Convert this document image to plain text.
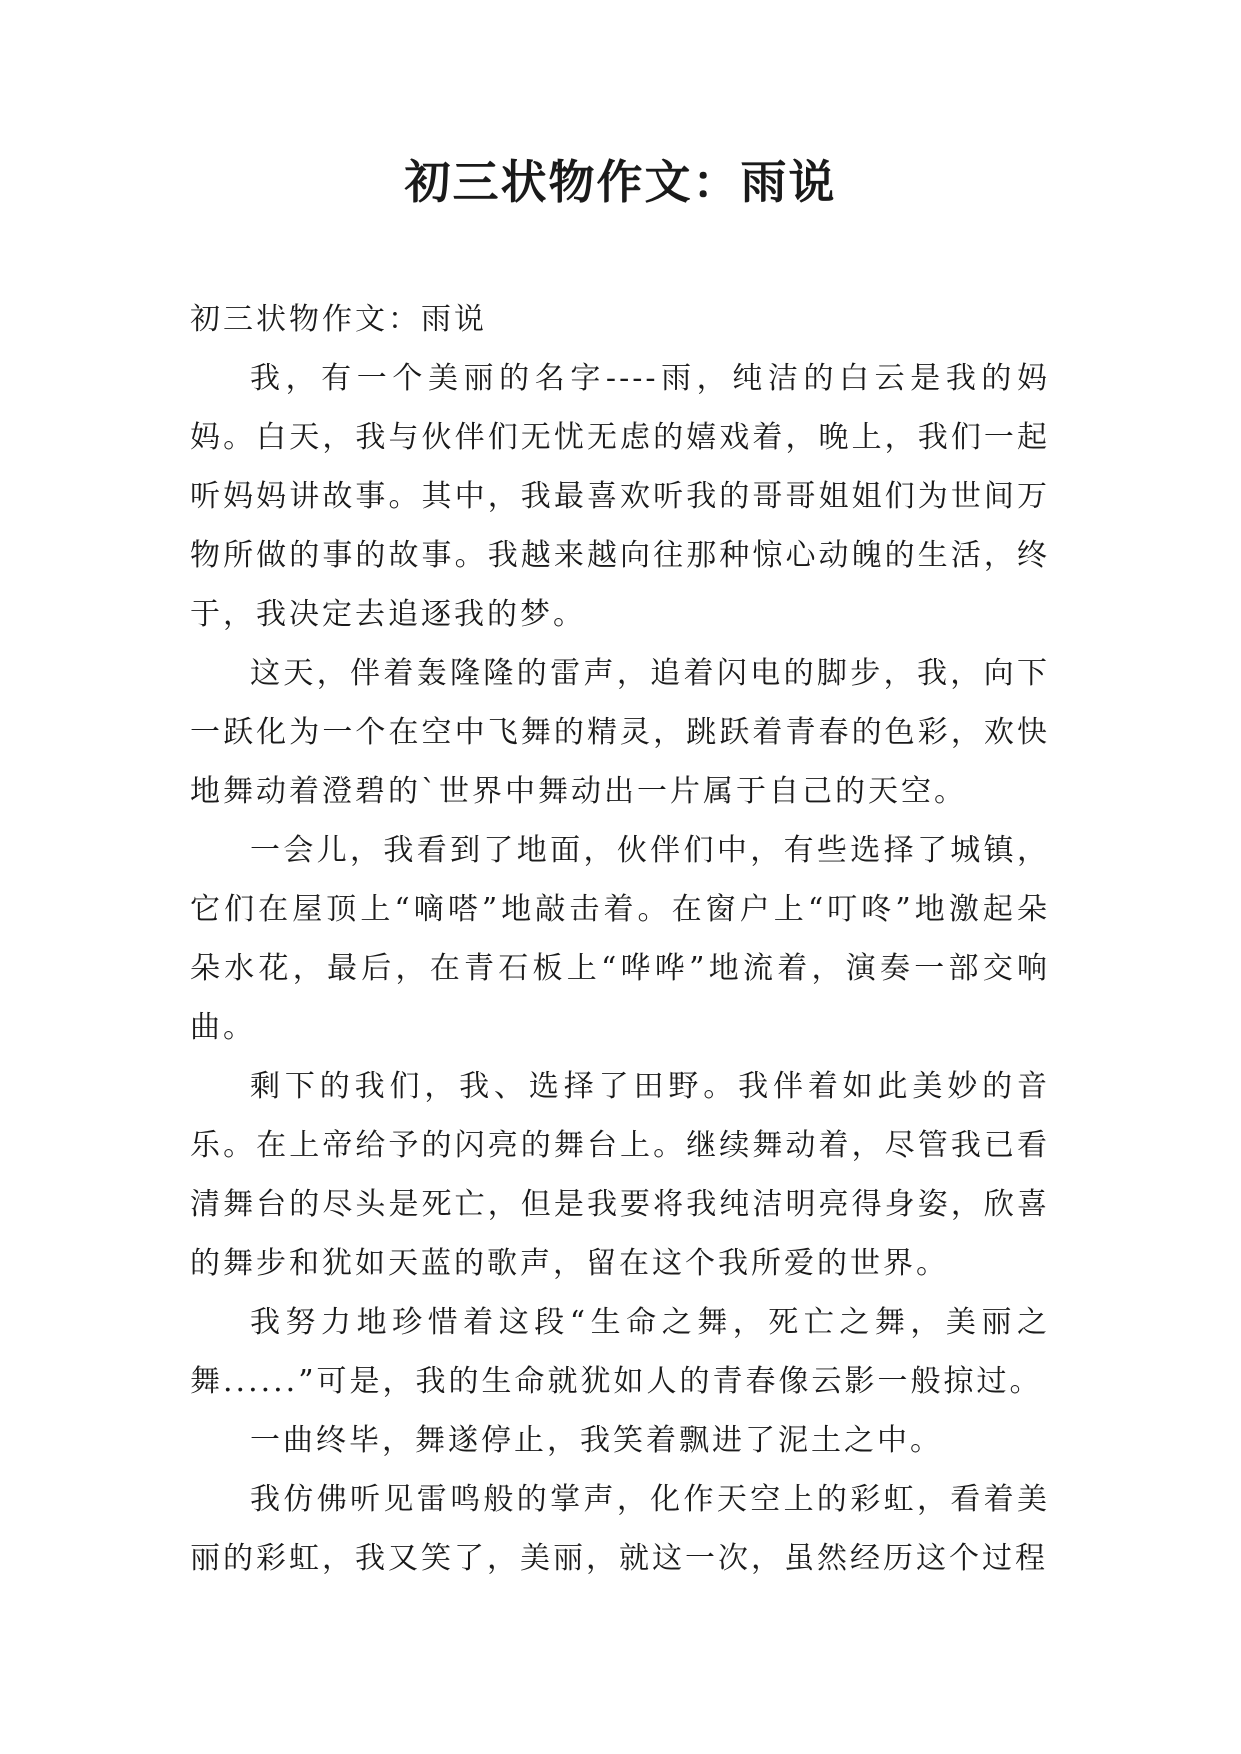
初三状物作文：雨说

初三状物作文：雨说

我，有一个美丽的名字----雨，纯洁的白云是我的妈妈。白天，我与伙伴们无忧无虑的嬉戏着，晚上，我们一起听妈妈讲故事。其中，我最喜欢听我的哥哥姐姐们为世间万物所做的事的故事。我越来越向往那种惊心动魄的生活，终于，我决定去追逐我的梦。

这天，伴着轰隆隆的雷声，追着闪电的脚步，我，向下一跃化为一个在空中飞舞的精灵，跳跃着青春的色彩，欢快地舞动着澄碧的`世界中舞动出一片属于自己的天空。

一会儿，我看到了地面，伙伴们中，有些选择了城镇，它们在屋顶上“嘀嗒”地敲击着。在窗户上“叮咚”地激起朵朵水花，最后，在青石板上“哗哗”地流着，演奏一部交响曲。

剩下的我们，我、选择了田野。我伴着如此美妙的音乐。在上帝给予的闪亮的舞台上。继续舞动着，尽管我已看清舞台的尽头是死亡，但是我要将我纯洁明亮得身姿，欣喜的舞步和犹如天蓝的歌声，留在这个我所爱的世界。

我努力地珍惜着这段“生命之舞，死亡之舞，美丽之舞......”可是，我的生命就犹如人的青春像云影一般掠过。

一曲终毕，舞遂停止，我笑着飘进了泥土之中。

我仿佛听见雷鸣般的掌声，化作天空上的彩虹，看着美丽的彩虹，我又笑了，美丽，就这一次，虽然经历这个过程
